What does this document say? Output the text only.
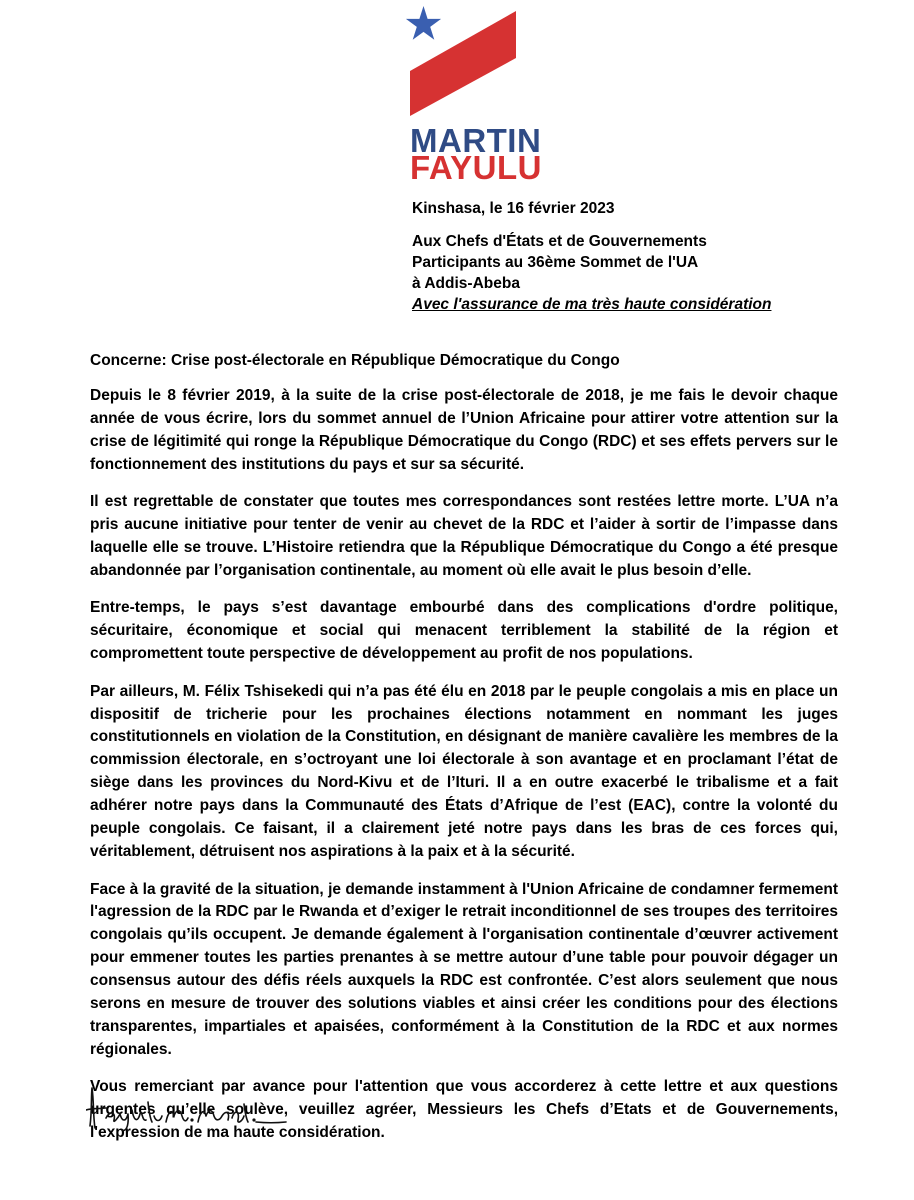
MARTIN
FAYULU
Kinshasa, le 16 février 2023
Aux Chefs d'États et de Gouvernements
Participants au 36ème Sommet de l'UA
à Addis-Abeba
Avec l'assurance de ma très haute considération

Concerne: Crise post-électorale en République Démocratique du Congo

Depuis le 8 février 2019, à la suite de la crise post-électorale de 2018, je me fais le devoir chaque année de vous écrire, lors du sommet annuel de l’Union Africaine pour attirer votre attention sur la crise de légitimité qui ronge la République Démocratique du Congo (RDC) et ses effets pervers sur le fonctionnement des institutions du pays et sur sa sécurité.

Il est regrettable de constater que toutes mes correspondances sont restées lettre morte. L’UA n’a pris aucune initiative pour tenter de venir au chevet de la RDC et l’aider à sortir de l’impasse dans laquelle elle se trouve. L’Histoire retiendra que la République Démocratique du Congo a été presque abandonnée par l’organisation continentale, au moment où elle avait le plus besoin d’elle.

Entre-temps, le pays s’est davantage embourbé dans des complications d'ordre politique, sécuritaire, économique et social qui menacent terriblement la stabilité de la région et compromettent toute perspective de développement au profit de nos populations.

Par ailleurs, M. Félix Tshisekedi qui n’a pas été élu en 2018 par le peuple congolais a mis en place un dispositif de tricherie pour les prochaines élections notamment en nommant les juges constitutionnels en violation de la Constitution, en désignant de manière cavalière les membres de la commission électorale, en s’octroyant une loi électorale à son avantage et en proclamant l’état de siège dans les provinces du Nord-Kivu et de l’Ituri. Il a en outre exacerbé le tribalisme et a fait adhérer notre pays dans la Communauté des États d’Afrique de l’est (EAC), contre la volonté du peuple congolais. Ce faisant, il a clairement jeté notre pays dans les bras de ces forces qui, véritablement, détruisent nos aspirations à la paix et à la sécurité.

Face à la gravité de la situation, je demande instamment à l'Union Africaine de condamner fermement l'agression de la RDC par le Rwanda et d’exiger le retrait inconditionnel de ses troupes des territoires congolais qu’ils occupent. Je demande également à l'organisation continentale d’œuvrer activement pour emmener toutes les parties prenantes à se mettre autour d’une table pour pouvoir dégager un consensus autour des défis réels auxquels la RDC est confrontée. C’est alors seulement que nous serons en mesure de trouver des solutions viables et ainsi créer les conditions pour des élections transparentes, impartiales et apaisées, conformément à la Constitution de la RDC et aux normes régionales.

Vous remerciant par avance pour l'attention que vous accorderez à cette lettre et aux questions urgentes qu’elle soulève, veuillez agréer, Messieurs les Chefs d’Etats et de Gouvernements, l'expression de ma haute considération.
